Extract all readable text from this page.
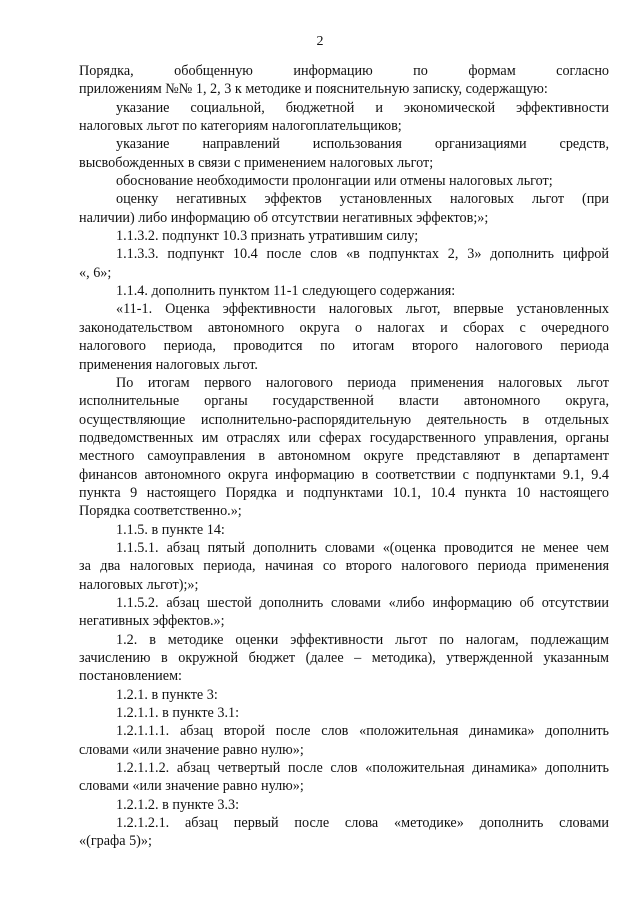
2
Порядка, обобщенную информацию по формам согласно
приложениям №№ 1, 2, 3 к методике и пояснительную записку, содержащую:
указание социальной, бюджетной и экономической эффективности
налоговых льгот по категориям налогоплательщиков;
указание направлений использования организациями средств,
высвобожденных в связи с применением налоговых льгот;
обоснование необходимости пролонгации или отмены налоговых льгот;
оценку негативных эффектов установленных налоговых льгот (при
наличии) либо информацию об отсутствии негативных эффектов;»;
1.1.3.2. подпункт 10.3 признать утратившим силу;
1.1.3.3. подпункт 10.4 после слов «в подпунктах 2, 3» дополнить цифрой
«, 6»;
1.1.4. дополнить пунктом 11-1 следующего содержания:
«11-1. Оценка эффективности налоговых льгот, впервые установленных
законодательством автономного округа о налогах и сборах с очередного
налогового периода, проводится по итогам второго налогового периода
применения налоговых льгот.
По итогам первого налогового периода применения налоговых льгот
исполнительные органы государственной власти автономного округа,
осуществляющие исполнительно-распорядительную деятельность в отдельных
подведомственных им отраслях или сферах государственного управления, органы
местного самоуправления в автономном округе представляют в департамент
финансов автономного округа информацию в соответствии с подпунктами 9.1, 9.4
пункта 9 настоящего Порядка и подпунктами 10.1, 10.4 пункта 10 настоящего
Порядка соответственно.»;
1.1.5. в пункте 14:
1.1.5.1. абзац пятый дополнить словами «(оценка проводится не менее чем
за два налоговых периода, начиная со второго налогового периода применения
налоговых льгот);»;
1.1.5.2. абзац шестой дополнить словами «либо информацию об отсутствии
негативных эффектов.»;
1.2. в методике оценки эффективности льгот по налогам, подлежащим
зачислению в окружной бюджет (далее – методика), утвержденной указанным
постановлением:
1.2.1. в пункте 3:
1.2.1.1. в пункте 3.1:
1.2.1.1.1. абзац второй после слов «положительная динамика» дополнить
словами «или значение равно нулю»;
1.2.1.1.2. абзац четвертый после слов «положительная динамика» дополнить
словами «или значение равно нулю»;
1.2.1.2. в пункте 3.3:
1.2.1.2.1. абзац первый после слова «методике» дополнить словами
«(графа 5)»;
